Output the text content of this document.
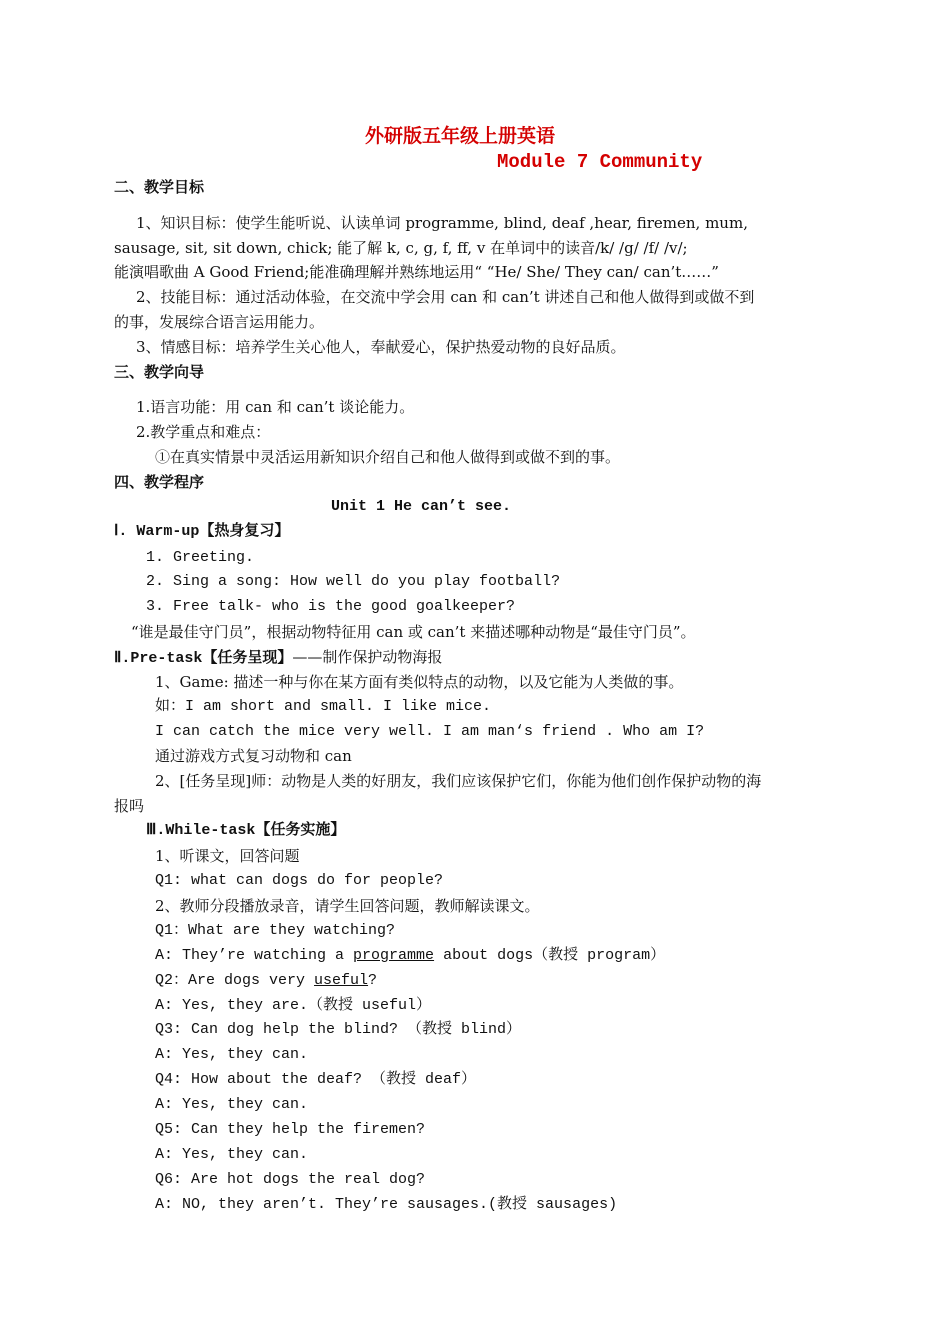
外研版五年级上册英语
Module 7 Community
二、教学目标
1、知识目标：使学生能听说、认读单词 programme, blind, deaf ,hear, firemen, mum,
sausage, sit, sit down, chick; 能了解 k, c, g, f, ff, v 在单词中的读音/k/ /g/ /f/ /v/;
能演唱歌曲 A Good Friend;能准确理解并熟练地运用“ “He/ She/ They can/ can’t……”
2、技能目标：通过活动体验，在交流中学会用 can 和 can’t 讲述自己和他人做得到或做不到
的事，发展综合语言运用能力。
3、情感目标：培养学生关心他人，奉献爱心，保护热爱动物的良好品质。
三、教学向导
1.语言功能：用 can 和 can’t 谈论能力。
2.教学重点和难点：
①在真实情景中灵活运用新知识介绍自己和他人做得到或做不到的事。
四、教学程序
Unit 1 He can’t see.
Ⅰ. Warm-up【热身复习】
1. Greeting.
2. Sing a song: How well do you play football?
3. Free talk- who is the good goalkeeper?
“谁是最佳守门员”，根据动物特征用 can 或 can’t 来描述哪种动物是“最佳守门员”。
Ⅱ.Pre-task【任务呈现】——制作保护动物海报
1、Game: 描述一种与你在某方面有类似特点的动物，以及它能为人类做的事。
如：I am short and small. I like mice.
I can catch the mice very well. I am man‘s friend . Who am I?
通过游戏方式复习动物和 can
2、[任务呈现]师：动物是人类的好朋友，我们应该保护它们，你能为他们创作保护动物的海
报吗
Ⅲ.While-task【任务实施】
1、听课文，回答问题
Q1: what can dogs do for people?
2、教师分段播放录音，请学生回答问题，教师解读课文。
Q1：What are they watching?
A: They’re watching a programme about dogs（教授 program）
Q2：Are dogs very useful?
A: Yes, they are.（教授 useful）
Q3: Can dog help the blind? （教授 blind）
A: Yes, they can.
Q4: How about the deaf? （教授 deaf）
A: Yes, they can.
Q5: Can they help the firemen?
A: Yes, they can.
Q6: Are hot dogs the real dog?
A: NO, they aren’t. They’re sausages.(教授 sausages)
